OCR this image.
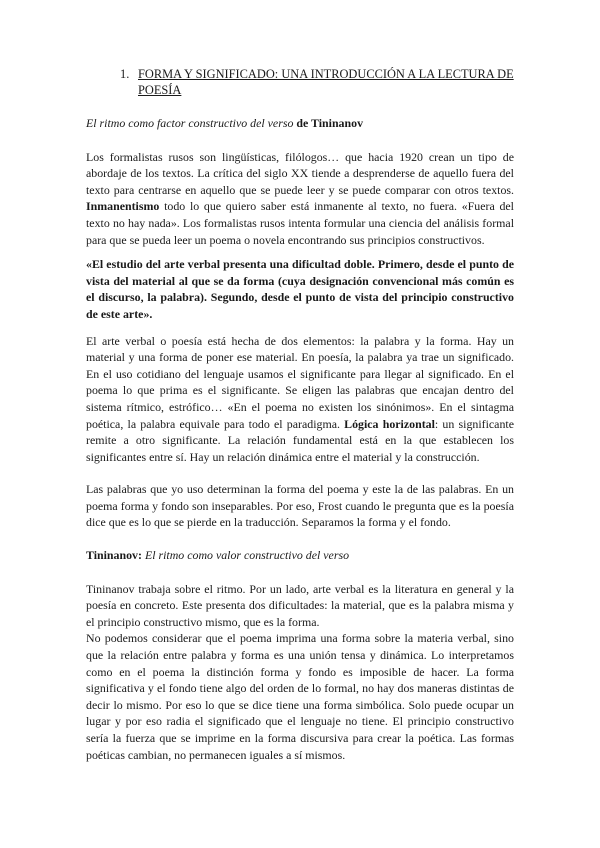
1. FORMA Y SIGNIFICADO: UNA INTRODUCCIÓN A LA LECTURA DE POESÍA

El ritmo como factor constructivo del verso de Tininanov

Los formalistas rusos son lingüísticas, filólogos… que hacia 1920 crean un tipo de abordaje de los textos. La crítica del siglo XX tiende a desprenderse de aquello fuera del texto para centrarse en aquello que se puede leer y se puede comparar con otros textos. Inmanentismo todo lo que quiero saber está inmanente al texto, no fuera. «Fuera del texto no hay nada». Los formalistas rusos intenta formular una ciencia del análisis formal para que se pueda leer un poema o novela encontrando sus principios constructivos.

«El estudio del arte verbal presenta una dificultad doble. Primero, desde el punto de vista del material al que se da forma (cuya designación convencional más común es el discurso, la palabra). Segundo, desde el punto de vista del principio constructivo de este arte».

El arte verbal o poesía está hecha de dos elementos: la palabra y la forma. Hay un material y una forma de poner ese material. En poesía, la palabra ya trae un significado. En el uso cotidiano del lenguaje usamos el significante para llegar al significado. En el poema lo que prima es el significante. Se eligen las palabras que encajan dentro del sistema rítmico, estrófico… «En el poema no existen los sinónimos». En el sintagma poética, la palabra equivale para todo el paradigma. Lógica horizontal: un significante remite a otro significante. La relación fundamental está en la que establecen los significantes entre sí. Hay un relación dinámica entre el material y la construcción.

Las palabras que yo uso determinan la forma del poema y este la de las palabras. En un poema forma y fondo son inseparables. Por eso, Frost cuando le pregunta que es la poesía dice que es lo que se pierde en la traducción. Separamos la forma y el fondo.

Tininanov: El ritmo como valor constructivo del verso

Tininanov trabaja sobre el ritmo. Por un lado, arte verbal es la literatura en general y la poesía en concreto. Este presenta dos dificultades: la material, que es la palabra misma y el principio constructivo mismo, que es la forma.

No podemos considerar que el poema imprima una forma sobre la materia verbal, sino que la relación entre palabra y forma es una unión tensa y dinámica. Lo interpretamos como en el poema la distinción forma y fondo es imposible de hacer. La forma significativa y el fondo tiene algo del orden de lo formal, no hay dos maneras distintas de decir lo mismo. Por eso lo que se dice tiene una forma simbólica. Solo puede ocupar un lugar y por eso radia el significado que el lenguaje no tiene. El principio constructivo sería la fuerza que se imprime en la forma discursiva para crear la poética. Las formas poéticas cambian, no permanecen iguales a sí mismos.
